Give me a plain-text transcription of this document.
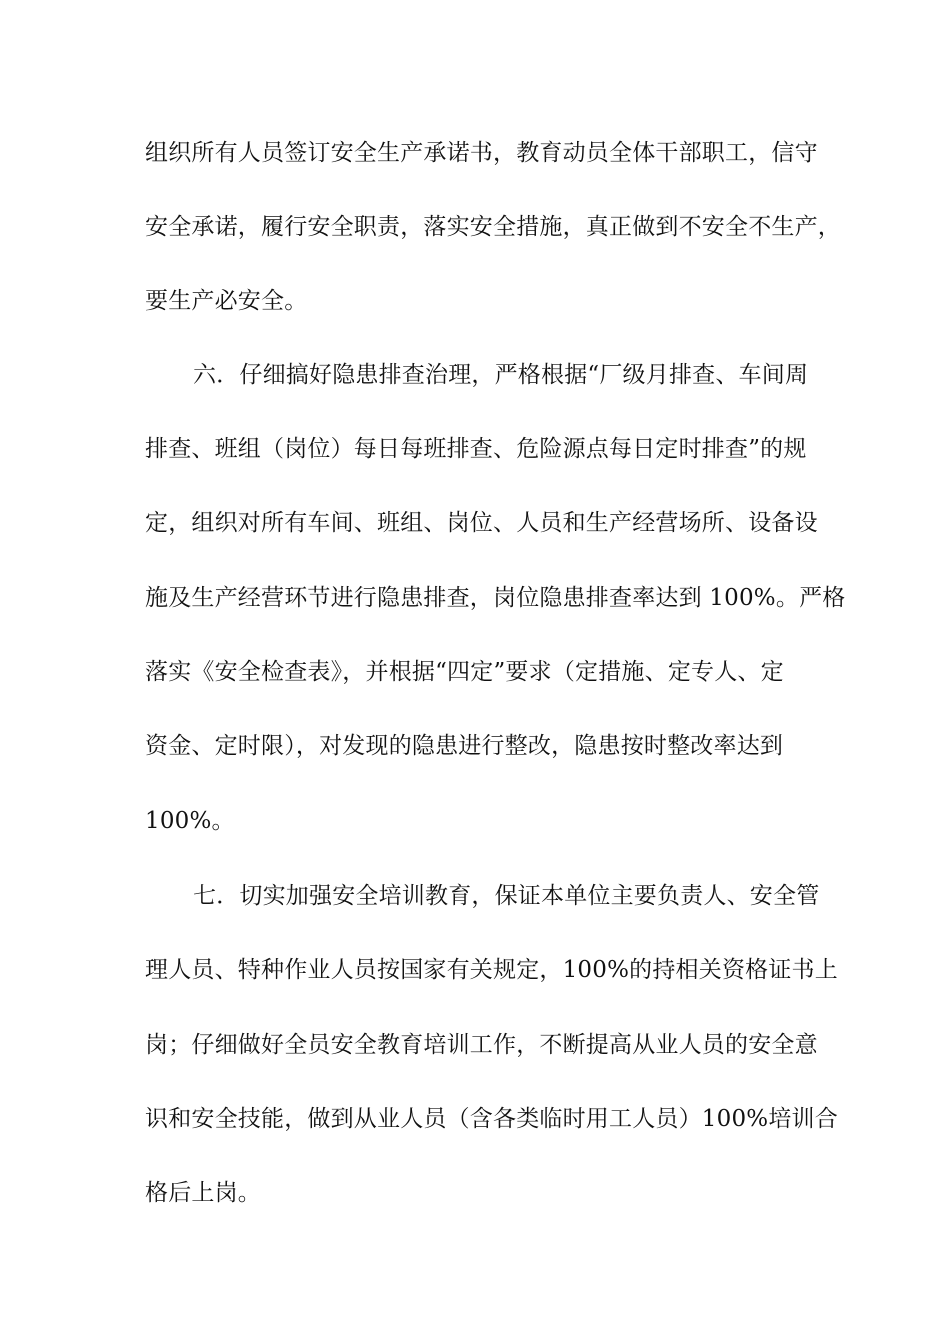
组织所有人员签订安全生产承诺书，教育动员全体干部职工，信守
安全承诺，履行安全职责，落实安全措施，真正做到不安全不生产，
要生产必安全。
六．仔细搞好隐患排查治理，严格根据“厂级月排查、车间周
排查、班组（岗位）每日每班排查、危险源点每日定时排查”的规
定，组织对所有车间、班组、岗位、人员和生产经营场所、设备设
施及生产经营环节进行隐患排查，岗位隐患排查率达到 100%。严格
落实《安全检查表》，并根据“四定”要求（定措施、定专人、定
资金、定时限），对发现的隐患进行整改，隐患按时整改率达到
100%。
七．切实加强安全培训教育，保证本单位主要负责人、安全管
理人员、特种作业人员按国家有关规定，100%的持相关资格证书上
岗；仔细做好全员安全教育培训工作，不断提高从业人员的安全意
识和安全技能，做到从业人员（含各类临时用工人员）100%培训合
格后上岗。
